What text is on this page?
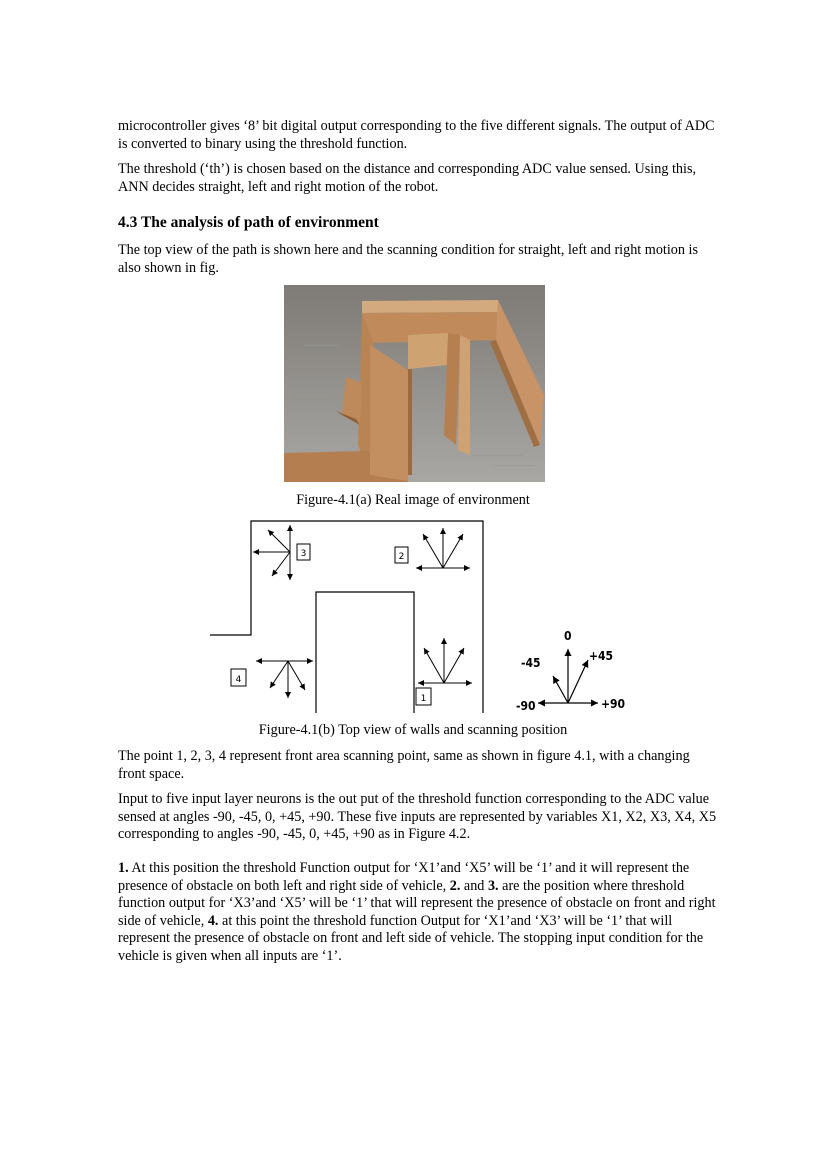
microcontroller gives ‘8’ bit digital output corresponding to the five different signals. The output of ADC is converted to binary using the threshold function.

The threshold (‘th’) is chosen based on the distance and corresponding ADC value sensed. Using this, ANN decides straight, left and right motion of the robot.

4.3 The analysis of path of environment

The top view of the path is shown here and the scanning condition for straight, left and right motion is also shown in fig.

Figure-4.1(a) Real image of environment
3	2
4
1
0
-45	+45
-90	+90
Figure-4.1(b) Top view of walls and scanning position

The point 1, 2, 3, 4 represent front area scanning point, same as shown in figure 4.1, with a changing front space.

Input to five input layer neurons is the out put of the threshold function corresponding to the ADC value sensed at angles -90, -45, 0, +45, +90. These five inputs are represented by variables X1, X2, X3, X4, X5 corresponding to angles -90, -45, 0, +45, +90 as in Figure 4.2.

1. At this position the threshold Function output for ‘X1’and ‘X5’ will be ‘1’ and it will represent the presence of obstacle on both left and right side of vehicle, 2. and 3. are the position where threshold function output for ‘X3’and ‘X5’ will be ‘1’ that will represent the presence of obstacle on front and right side of vehicle, 4. at this point the threshold function Output for ‘X1’and ‘X3’ will be ‘1’ that will represent the presence of obstacle on front and left side of vehicle. The stopping input condition for the vehicle is given when all inputs are ‘1’.
